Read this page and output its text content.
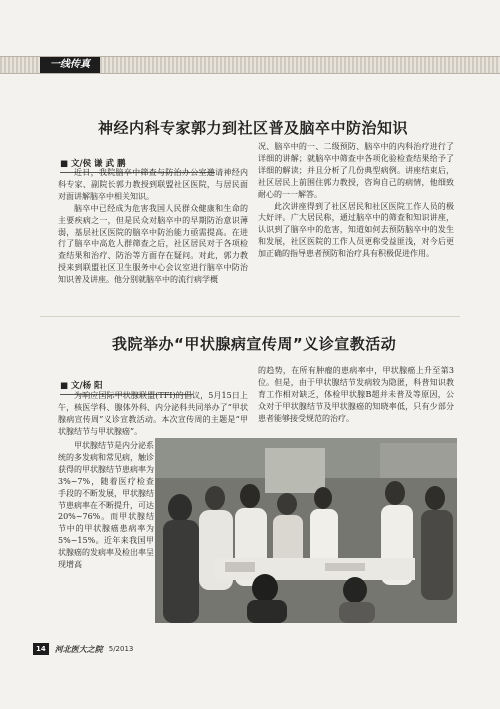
一线传真
神经内科专家郭力到社区普及脑卒中防治知识
■ 文/侯 谦 武 鹏

近日，我院脑卒中筛查与防治办公室邀请神经内科专家、副院长郭力教授到联盟社区医院，与居民面对面讲解脑卒中相关知识。

脑卒中已经成为危害我国人民群众健康和生命的主要疾病之一，但是民众对脑卒中的早期防治意识薄弱，基层社区医院的脑卒中防治能力亟需提高。在进行了脑卒中高危人群筛查之后，社区居民对于各项检查结果和治疗、防治等方面存在疑问。对此，郭力教授来到联盟社区卫生服务中心会议室进行脑卒中防治知识普及讲座。他分别就脑卒中的流行病学概

况、脑卒中的一、二级预防、脑卒中的内科治疗进行了详细的讲解；就脑卒中筛查中各项化验检查结果给予了详细的解读；并且分析了几份典型病例。讲座结束后，社区居民上前围住郭力教授，咨询自己的病情，他细致耐心的一一解答。

此次讲座得到了社区居民和社区医院工作人员的极大好评。广大居民称，通过脑卒中的筛查和知识讲座，认识到了脑卒中的危害，知道如何去预防脑卒中的发生和发展，社区医院的工作人员更称受益匪浅，对今后更加正确的指导患者预防和治疗具有积极促进作用。

我院举办“甲状腺病宣传周”义诊宣教活动
■ 文/杨 阳

为响应国际甲状腺联盟(TFI)的倡议，5月15日上午，核医学科、腺体外科、内分泌科共同举办了“甲状腺病宣传周”义诊宣教活动。本次宣传周的主题是“甲状腺结节与甲状腺癌”。

甲状腺结节是内分泌系统的多发病和常见病，触诊获得的甲状腺结节患病率为3%~7%，随着医疗检查手段的不断发展，甲状腺结节患病率在不断提升，可达20%~76%。而甲状腺结节中的甲状腺癌患病率为5%~15%。近年来我国甲状腺癌的发病率及检出率呈现增高

的趋势，在所有肿瘤的患病率中，甲状腺癌上升至第3位。但是，由于甲状腺结节发病较为隐匿，科普知识教育工作相对缺乏，体检甲状腺B超并未普及等原因，公众对于甲状腺结节及甲状腺癌的知晓率低，只有少部分患者能够接受规范的治疗。

14	河北医大之院 5/2013
